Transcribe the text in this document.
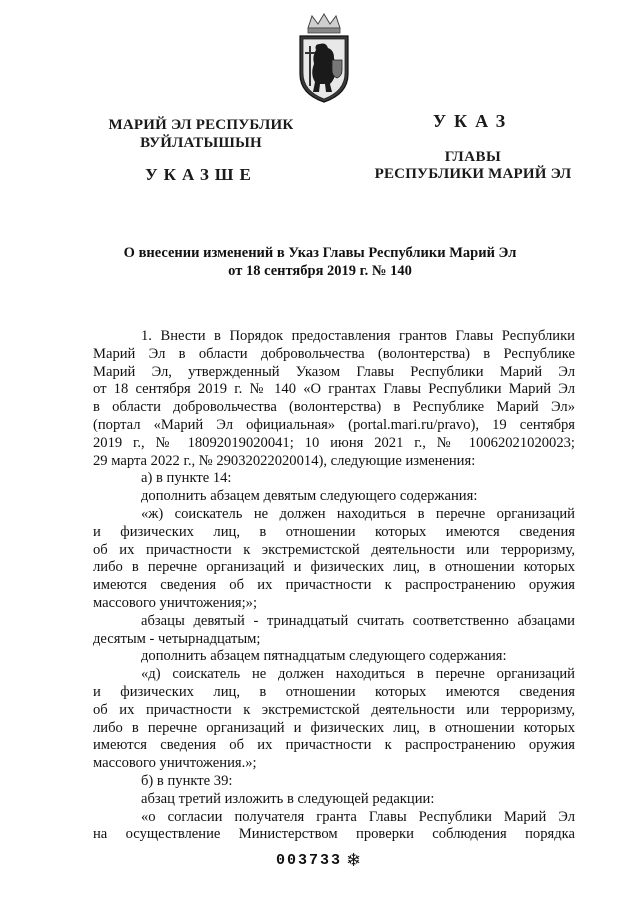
МАРИЙ ЭЛ РЕСПУБЛИК
ВУЙЛАТЫШЫН
УКАЗШЕ
УКАЗ
ГЛАВЫ
РЕСПУБЛИКИ МАРИЙ ЭЛ
О внесении изменений в Указ Главы Республики Марий Эл
от 18 сентября 2019 г. № 140
1. Внести в Порядок предоставления грантов Главы Республики
Марий Эл в области добровольчества (волонтерства) в Республике
Марий Эл, утвержденный Указом Главы Республики Марий Эл
от 18 сентября 2019 г. № 140 «О грантах Главы Республики Марий Эл
в области добровольчества (волонтерства) в Республике Марий Эл»
(портал «Марий Эл официальная» (portal.mari.ru/pravo), 19 сентября
2019 г., № 18092019020041; 10 июня 2021 г., № 10062021020023;
29 марта 2022 г., № 29032022020014), следующие изменения:
а) в пункте 14:
дополнить абзацем девятым следующего содержания:
«ж) соискатель не должен находиться в перечне организаций
и физических лиц, в отношении которых имеются сведения
об их причастности к экстремистской деятельности или терроризму,
либо в перечне организаций и физических лиц, в отношении которых
имеются сведения об их причастности к распространению оружия
массового уничтожения;»;
абзацы девятый - тринадцатый считать соответственно абзацами
десятым - четырнадцатым;
дополнить абзацем пятнадцатым следующего содержания:
«д) соискатель не должен находиться в перечне организаций
и физических лиц, в отношении которых имеются сведения
об их причастности к экстремистской деятельности или терроризму,
либо в перечне организаций и физических лиц, в отношении которых
имеются сведения об их причастности к распространению оружия
массового уничтожения.»;
б) в пункте 39:
абзац третий изложить в следующей редакции:
«о согласии получателя гранта Главы Республики Марий Эл
на осуществление Министерством проверки соблюдения порядка
003733 ❄
